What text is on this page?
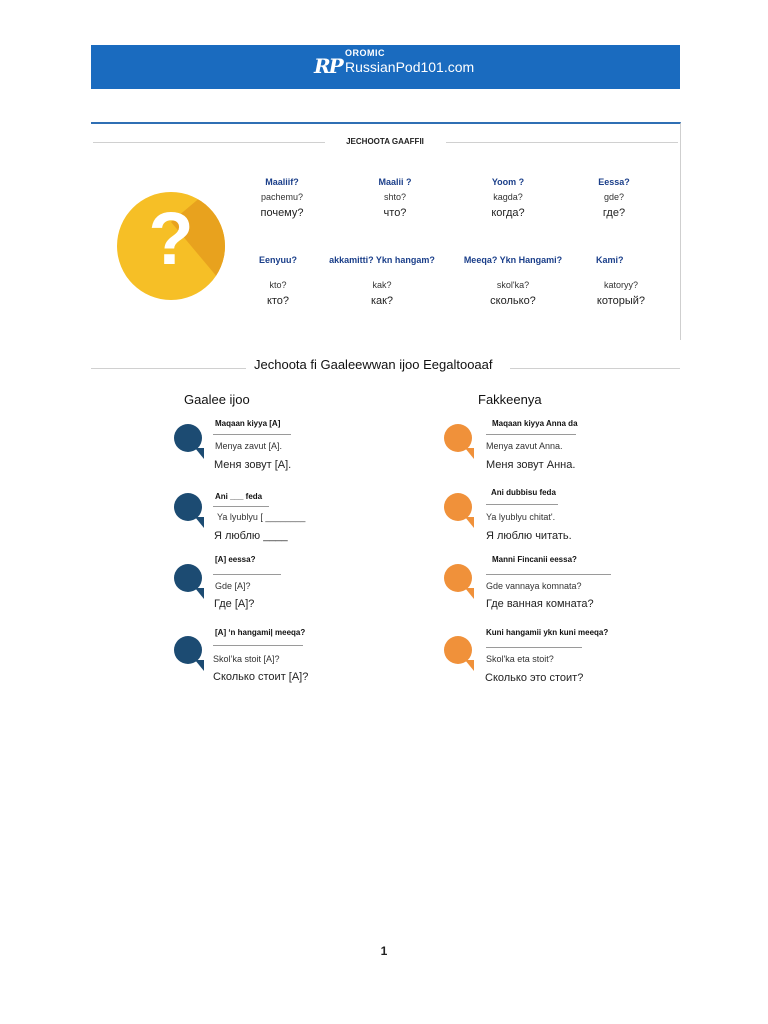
RP
OROMIC
RussianPod101.com
JECHOOTA GAAFFII
?
Maaliif?
pachemu?
почему?
Maalii ?
shto?
что?
Yoom ?
kagda?
когда?
Eessa?
gde?
где?
Eenyuu?
kto?
кто?
akkamitti? Ykn hangam?
kak?
как?
Meeqa? Ykn Hangami?
skol'ka?
сколько?
Kami?
katoryy?
который?
Jechoota fi Gaaleewwan ijoo Eegaltooaaf
Gaalee ijoo	Fakkeenya
Maqaan kiyya [A]
Menya zavut [A].
Меня зовут [A].
Ani ___ feda
Ya lyublyu [ ________
Я люблю ____
[A] eessa?
Gde [A]?
Где [A]?
[A] ‘n hangami| meeqa?
Skol’ka stoit [A]?
Сколько стоит [A]?
Maqaan kiyya Anna da
Menya zavut Anna.
Меня зовут Анна.
Ani dubbisu feda
Ya lyublyu chitat'.
Я люблю читать.
Manni Fincanii eessa?
Gde vannaya komnata?
Где ванная комната?
Kuni hangamii ykn kuni meeqa?
Skol'ka eta stoit?
Сколько это стоит?
1
